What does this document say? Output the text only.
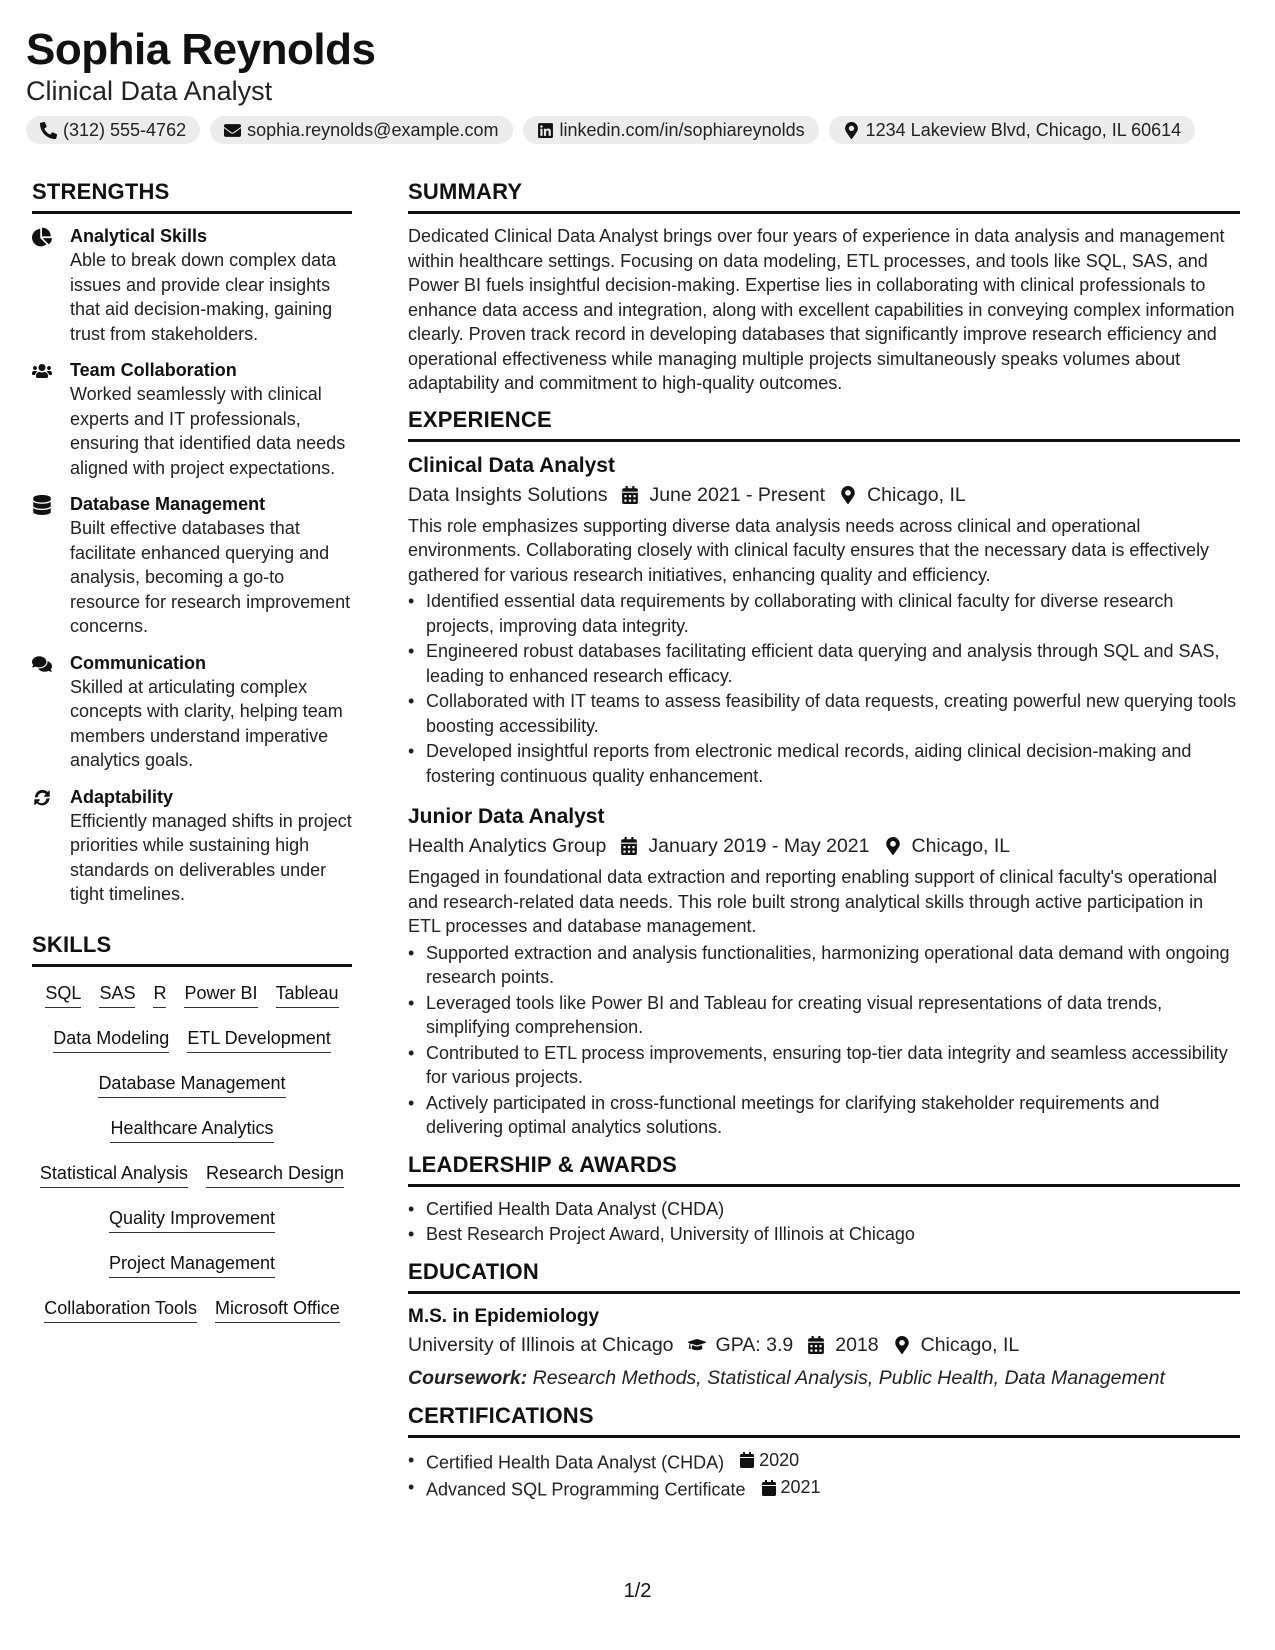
Sophia Reynolds
Clinical Data Analyst
(312) 555-4762	sophia.reynolds@example.com	linkedin.com/in/sophiareynolds	1234 Lakeview Blvd, Chicago, IL 60614
STRENGTHS
Analytical Skills
Able to break down complex data issues and provide clear insights that aid decision-making, gaining trust from stakeholders.
Team Collaboration
Worked seamlessly with clinical experts and IT professionals, ensuring that identified data needs aligned with project expectations.
Database Management
Built effective databases that facilitate enhanced querying and analysis, becoming a go-to resource for research improvement concerns.
Communication
Skilled at articulating complex concepts with clarity, helping team members understand imperative analytics goals.
Adaptability
Efficiently managed shifts in project priorities while sustaining high standards on deliverables under tight timelines.
SKILLS
SQL SAS R Power BI Tableau
Data Modeling ETL Development
Database Management
Healthcare Analytics
Statistical Analysis Research Design
Quality Improvement
Project Management
Collaboration Tools Microsoft Office
SUMMARY

Dedicated Clinical Data Analyst brings over four years of experience in data analysis and management within healthcare settings. Focusing on data modeling, ETL processes, and tools like SQL, SAS, and Power BI fuels insightful decision-making. Expertise lies in collaborating with clinical professionals to enhance data access and integration, along with excellent capabilities in conveying complex information clearly. Proven track record in developing databases that significantly improve research efficiency and operational effectiveness while managing multiple projects simultaneously speaks volumes about adaptability and commitment to high-quality outcomes.

EXPERIENCE
Clinical Data Analyst
Data Insights Solutions June 2021 - Present Chicago, IL

This role emphasizes supporting diverse data analysis needs across clinical and operational environments. Collaborating closely with clinical faculty ensures that the necessary data is effectively gathered for various research initiatives, enhancing quality and efficiency.

• Identified essential data requirements by collaborating with clinical faculty for diverse research projects, improving data integrity.
• Engineered robust databases facilitating efficient data querying and analysis through SQL and SAS, leading to enhanced research efficacy.
• Collaborated with IT teams to assess feasibility of data requests, creating powerful new querying tools boosting accessibility.
• Developed insightful reports from electronic medical records, aiding clinical decision-making and fostering continuous quality enhancement.
Junior Data Analyst
Health Analytics Group January 2019 - May 2021 Chicago, IL

Engaged in foundational data extraction and reporting enabling support of clinical faculty's operational and research-related data needs. This role built strong analytical skills through active participation in ETL processes and database management.

• Supported extraction and analysis functionalities, harmonizing operational data demand with ongoing research points.
• Leveraged tools like Power BI and Tableau for creating visual representations of data trends, simplifying comprehension.
• Contributed to ETL process improvements, ensuring top-tier data integrity and seamless accessibility for various projects.
• Actively participated in cross-functional meetings for clarifying stakeholder requirements and delivering optimal analytics solutions.
LEADERSHIP & AWARDS
• Certified Health Data Analyst (CHDA)
• Best Research Project Award, University of Illinois at Chicago
EDUCATION
M.S. in Epidemiology
University of Illinois at Chicago GPA: 3.9 2018 Chicago, IL
Coursework: Research Methods, Statistical Analysis, Public Health, Data Management
CERTIFICATIONS
• Certified Health Data Analyst (CHDA) 2020
• Advanced SQL Programming Certificate 2021
1/2
